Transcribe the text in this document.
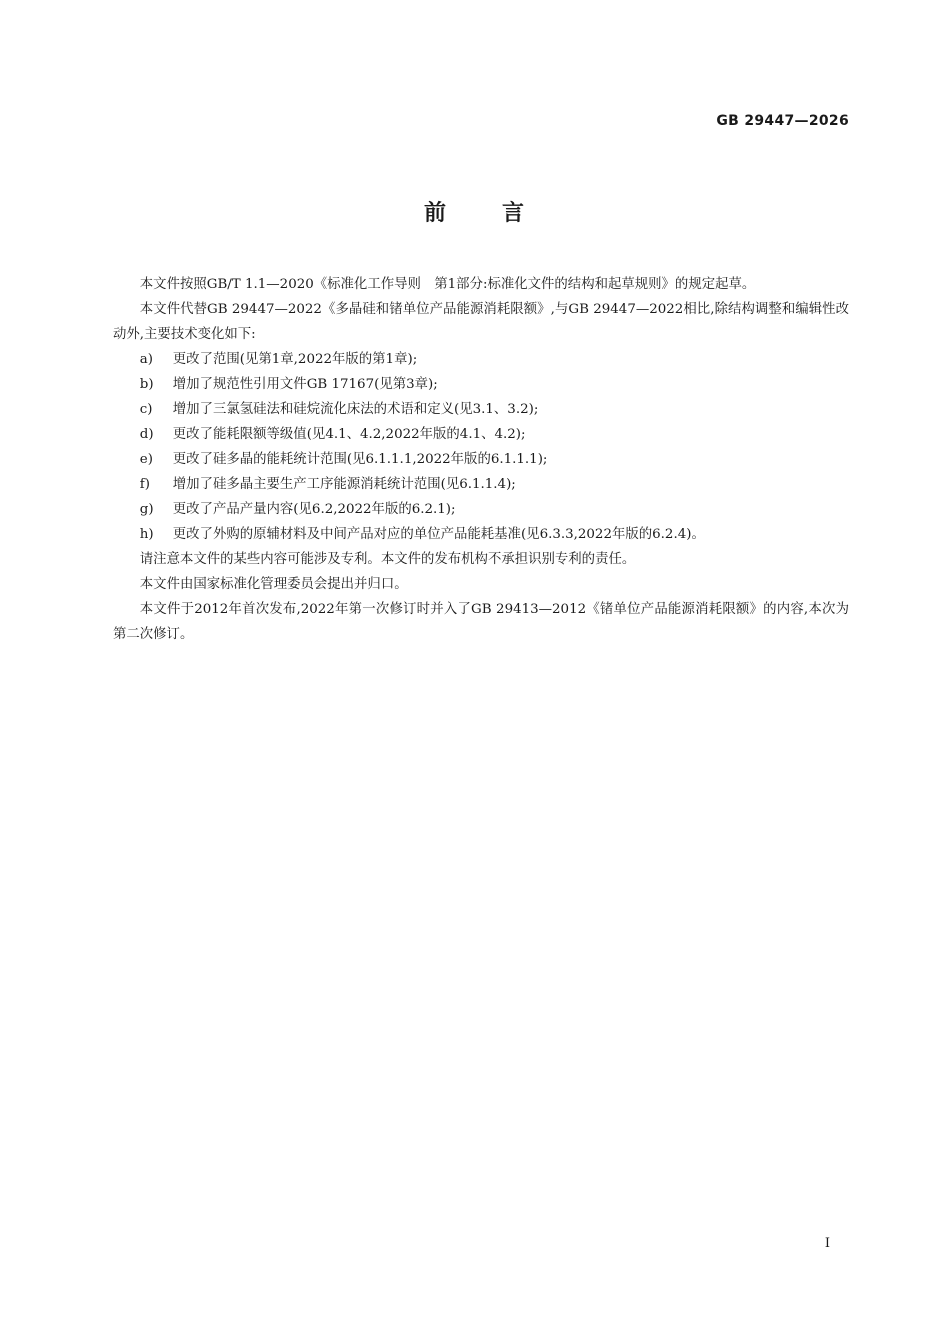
GB 29447—2026
前 言

本文件按照GB/T 1.1—2020《标准化工作导则　第1部分:标准化文件的结构和起草规则》的规定起草。

本文件代替GB 29447—2022《多晶硅和锗单位产品能源消耗限额》,与GB 29447—2022相比,除结构调整和编辑性改动外,主要技术变化如下:

a) 更改了范围(见第1章,2022年版的第1章);

b) 增加了规范性引用文件GB 17167(见第3章);

c) 增加了三氯氢硅法和硅烷流化床法的术语和定义(见3.1、3.2);

d) 更改了能耗限额等级值(见4.1、4.2,2022年版的4.1、4.2);

e) 更改了硅多晶的能耗统计范围(见6.1.1.1,2022年版的6.1.1.1);

f) 增加了硅多晶主要生产工序能源消耗统计范围(见6.1.1.4);

g) 更改了产品产量内容(见6.2,2022年版的6.2.1);

h) 更改了外购的原辅材料及中间产品对应的单位产品能耗基准(见6.3.3,2022年版的6.2.4)。

请注意本文件的某些内容可能涉及专利。本文件的发布机构不承担识别专利的责任。

本文件由国家标准化管理委员会提出并归口。

本文件于2012年首次发布,2022年第一次修订时并入了GB 29413—2012《锗单位产品能源消耗限额》的内容,本次为第二次修订。

I
